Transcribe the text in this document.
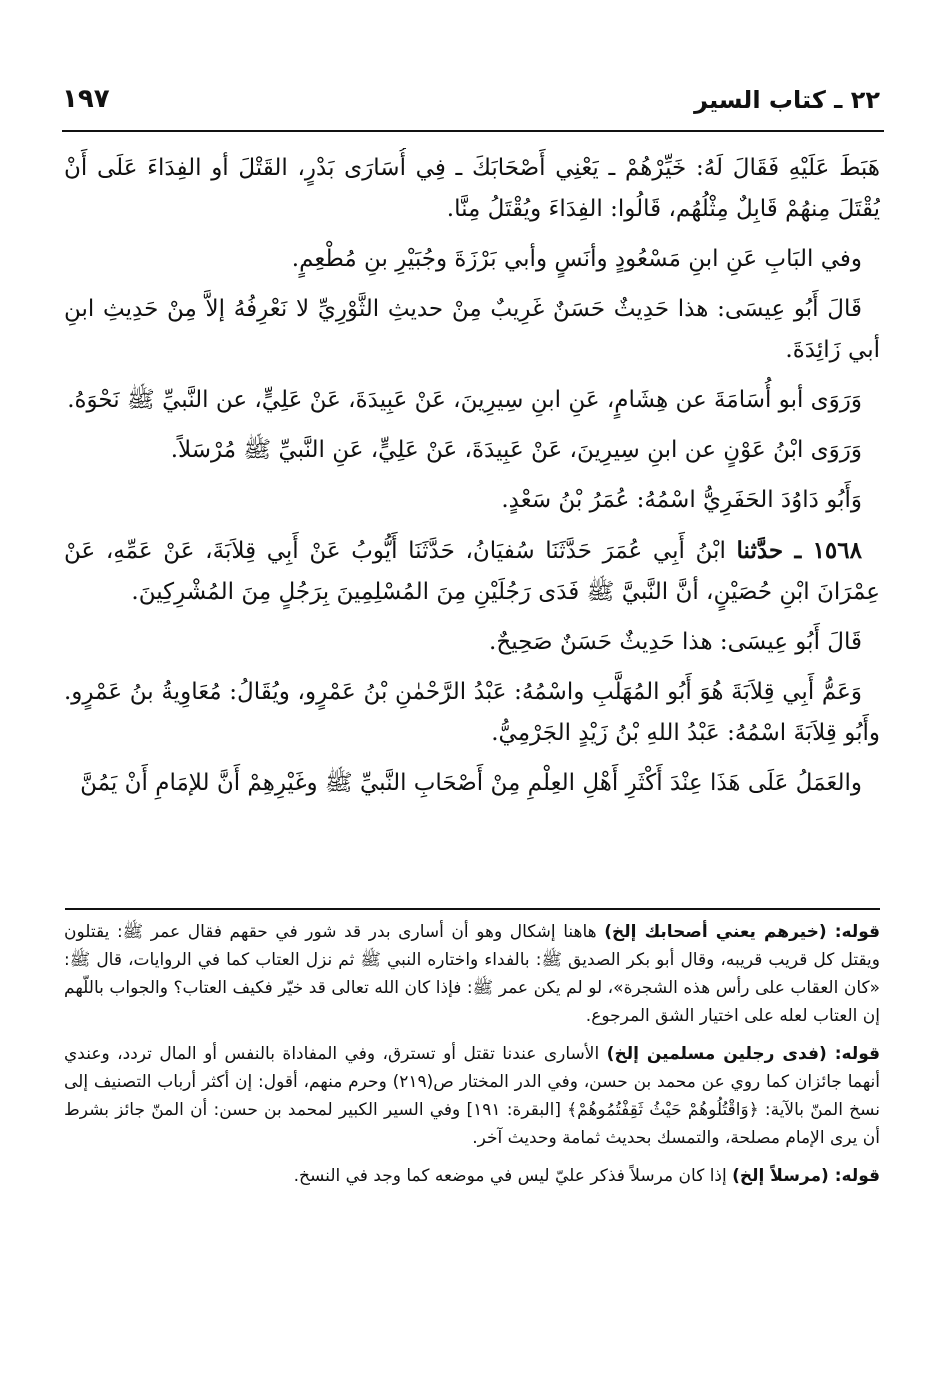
٢٢ ـ كتاب السير
١٩٧

هَبَطَ عَلَيْهِ فَقَالَ لَهُ: خَيِّرْهُمْ ـ يَعْنِي أَصْحَابَكَ ـ فِي أُسَارَى بَدْرٍ، القَتْلَ أو الفِدَاءَ عَلَى أَنْ يُقْتَلَ مِنهُمْ قَابِلٌ مِثْلُهُم، قَالُوا: الفِدَاءَ ويُقْتَلُ مِنَّا.

وفي البَابِ عَنِ ابنِ مَسْعُودٍ وأنَسٍ وأبي بَرْزَةَ وجُبَيْرِ بنِ مُطْعِمٍ.

قَالَ أَبُو عِيسَى: هذا حَدِيثٌ حَسَنٌ غَرِيبٌ مِنْ حديثِ الثَّوْرِيِّ لا نَعْرِفُهُ إلاَّ مِنْ حَدِيثِ ابنِ أبي زَائِدَةَ.

وَرَوَى أبو أُسَامَةَ عن هِشَامٍ، عَنِ ابنِ سِيرِينَ، عَنْ عَبِيدَةَ، عَنْ عَلِيٍّ، عن النَّبيِّ ﷺ نَحْوَهُ.

وَرَوَى ابْنُ عَوْنٍ عن ابنِ سِيرِينَ، عَنْ عَبِيدَةَ، عَنْ عَلِيٍّ، عَنِ النَّبيِّ ﷺ مُرْسَلاً.

وَأَبُو دَاوُدَ الحَفَرِيُّ اسْمُهُ: عُمَرُ بْنُ سَعْدٍ.

١٥٦٨ ـ حدَّثنا ابْنُ أَبِي عُمَرَ حَدَّثَنَا سُفيَانُ، حَدَّثَنَا أَيُّوبُ عَنْ أَبِي قِلاَبَةَ، عَنْ عَمِّهِ، عَنْ عِمْرَانَ ابْنِ حُصَيْنٍ، أنَّ النَّبيَّ ﷺ فَدَى رَجُلَيْنِ مِنَ المُسْلِمِينَ بِرَجُلٍ مِنَ المُشْرِكِينَ.

قَالَ أَبُو عِيسَى: هذا حَدِيثٌ حَسَنٌ صَحِيحٌ.

وَعَمُّ أَبِي قِلاَبَةَ هُوَ أَبُو المُهَلَّبِ واسْمُهُ: عَبْدُ الرَّحْمٰنِ بْنُ عَمْرٍو، ويُقَالُ: مُعَاوِيةُ بنُ عَمْرٍو. وأَبُو قِلاَبَةَ اسْمُهُ: عَبْدُ اللهِ بْنُ زَيْدٍ الجَرْمِيُّ.

والعَمَلُ عَلَى هَذَا عِنْدَ أَكْثَرِ أَهْلِ العِلْمِ مِنْ أَصْحَابِ النَّبيِّ ﷺ وغَيْرِهِمْ أَنَّ للإمَامِ أَنْ يَمُنَّ

قوله: (خيرهم يعني أصحابك إلخ) هاهنا إشكال وهو أن أسارى بدر قد شور في حقهم فقال عمر ﷺ: يقتلون ويقتل كل قريب قريبه، وقال أبو بكر الصديق ﷺ: بالفداء واختاره النبي ﷺ ثم نزل العتاب كما في الروايات، قال ﷺ: «كان العقاب على رأس هذه الشجرة»، لو لم يكن عمر ﷺ: فإذا كان الله تعالى قد خيّر فكيف العتاب؟ والجواب باللّهم إن العتاب لعله على اختيار الشق المرجوع.

قوله: (فدى رجلين مسلمين إلخ) الأسارى عندنا تقتل أو تسترق، وفي المفاداة بالنفس أو المال تردد، وعندي أنهما جائزان كما روي عن محمد بن حسن، وفي الدر المختار ص(٢١٩) وحرم منهم، أقول: إن أكثر أرباب التصنيف إلى نسخ المنّ بالآية: ﴿وَاقْتُلُوهُمْ حَيْثُ ثَقِفْتُمُوهُمْ﴾ [البقرة: ١٩١] وفي السير الكبير لمحمد بن حسن: أن المنّ جائز بشرط أن يرى الإمام مصلحة، والتمسك بحديث ثمامة وحديث آخر.

قوله: (مرسلاً إلخ) إذا كان مرسلاً فذكر عليّ ليس في موضعه كما وجد في النسخ.
